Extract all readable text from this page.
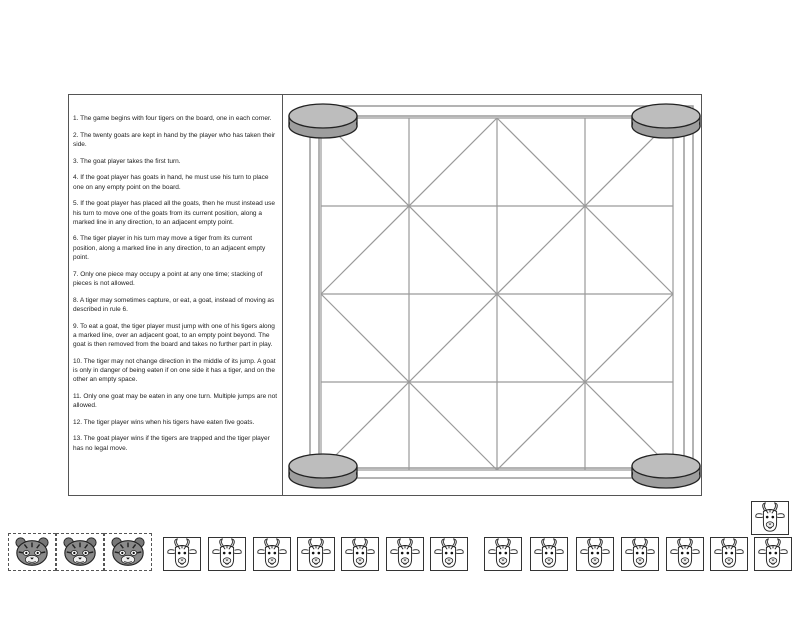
1. The game begins with four tigers on the board, one in each corner.

2. The twenty goats are kept in hand by the player who has taken their side.

3. The goat player takes the first turn.

4. If the goat player has goats in hand, he must use his turn to place one on any empty point on the board.

5. If the goat player has placed all the goats, then he must instead use his turn to move one of the goats from its current position, along a marked line in any direction, to an adjacent empty point.

6. The tiger player in his turn may move a tiger from its current position, along a marked line in any direction, to an adjacent empty point.

7. Only one piece may occupy a point at any one time; stacking of pieces is not allowed.

8. A tiger may sometimes capture, or eat, a goat, instead of moving as described in rule 6.

9. To eat a goat, the tiger player must jump with one of his tigers along a marked line, over an adjacent goat, to an empty point beyond. The goat is then removed from the board and takes no further part in play.

10. The tiger may not change direction in the middle of its jump. A goat is only in danger of being eaten if on one side it has a tiger, and on the other an empty space.

11. Only one goat may be eaten in any one turn. Multiple jumps are not allowed.

12. The tiger player wins when his tigers have eaten five goats.

13. The goat player wins if the tigers are trapped and the tiger player has no legal move.
